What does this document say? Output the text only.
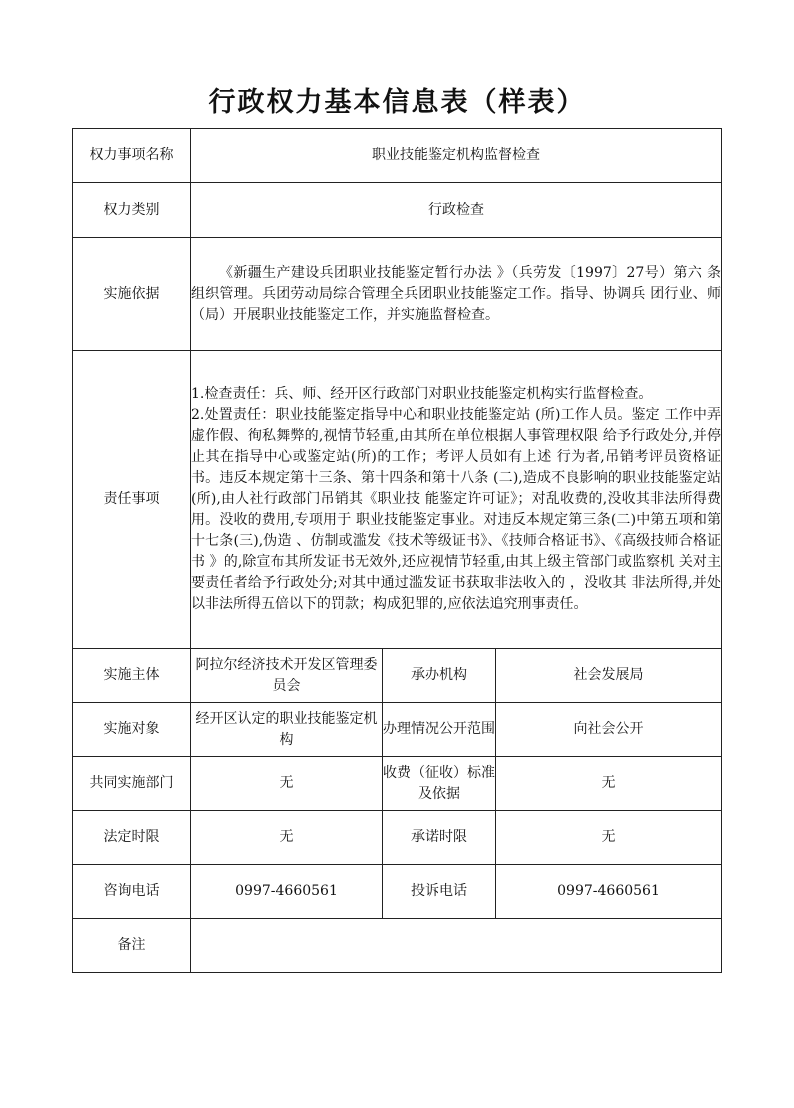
行政权力基本信息表（样表）
权力事项名称	职业技能鉴定机构监督检查		
权力类别	行政检查		
实施依据	《新疆生产建设兵团职业技能鉴定暂行办法 》（兵劳发〔1997〕27号）第六 条组织管理。兵团劳动局综合管理全兵团职业技能鉴定工作。指导、协调兵 团行业、师（局）开展职业技能鉴定工作，并实施监督检查。		

责任事项	1.检查责任：兵、师、经开区行政部门对职业技能鉴定机构实行监督检查。

2.处置责任：职业技能鉴定指导中心和职业技能鉴定站 (所)工作人员。鉴定 工作中弄虚作假、徇私舞弊的,视情节轻重,由其所在单位根据人事管理权限 给予行政处分,并停止其在指导中心或鉴定站(所)的工作；考评人员如有上述 行为者,吊销考评员资格证书。违反本规定第十三条、第十四条和第十八条 (二),造成不良影响的职业技能鉴定站(所),由人社行政部门吊销其《职业技 能鉴定许可证》；对乱收费的,没收其非法所得费用。没收的费用,专项用于 职业技能鉴定事业。对违反本规定第三条(二)中第五项和第十七条(三),伪造 、仿制或滥发《技术等级证书》、《技师合格证书》、《高级技师合格证书 》的,除宣布其所发证书无效外,还应视情节轻重,由其上级主管部门或监察机 关对主要责任者给予行政处分;对其中通过滥发证书获取非法收入的 ，没收其 非法所得,并处以非法所得五倍以下的罚款；构成犯罪的,应依法追究刑事责任。		

实施主体	阿拉尔经济技术开发区管理委员会	承办机构	社会发展局
实施对象	经开区认定的职业技能鉴定机构	办理情况公开范围	向社会公开
共同实施部门	无	收费（征收）标准及依据	无
法定时限	无	承诺时限	无
咨询电话	0997-4660561	投诉电话	0997-4660561
备注			
